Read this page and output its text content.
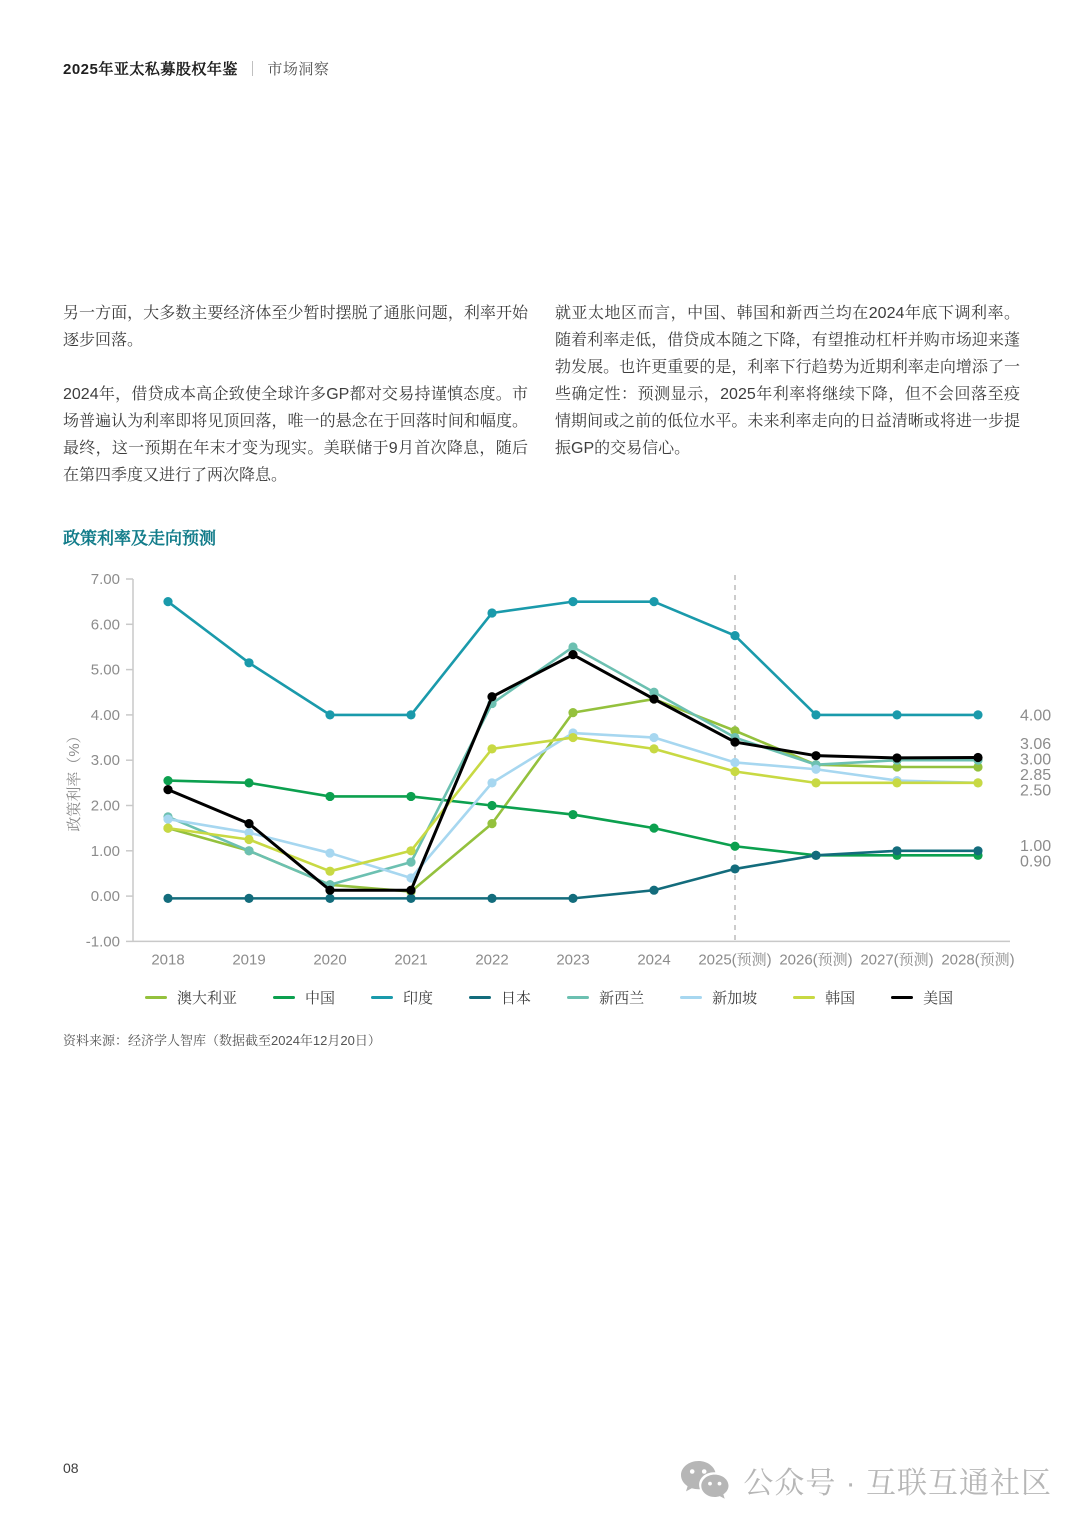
2025年亚太私募股权年鉴 ｜ 市场洞察

另一方面，大多数主要经济体至少暂时摆脱了通胀问题，利率开始逐步回落。

2024年，借贷成本高企致使全球许多GP都对交易持谨慎态度。市场普遍认为利率即将见顶回落，唯一的悬念在于回落时间和幅度。最终，这一预期在年末才变为现实。美联储于9月首次降息，随后在第四季度又进行了两次降息。

就亚太地区而言，中国、韩国和新西兰均在2024年底下调利率。随着利率走低，借贷成本随之下降，有望推动杠杆并购市场迎来蓬勃发展。也许更重要的是，利率下行趋势为近期利率走向增添了一些确定性：预测显示，2025年利率将继续下降，但不会回落至疫情期间或之前的低位水平。未来利率走向的日益清晰或将进一步提振GP的交易信心。

政策利率及走向预测
7.00
6.00
5.00
4.00
3.00
2.00
1.00
0.00
-1.00
政策利率（%）
2018	2019	2020	2021	2022	2023	2024 2025(预测) 2026(预测) 2027(预测) 2028(预测)
4.00
3.06
3.00
2.85
2.50
1.00
0.90
澳大利亚	中国	印度	日本	新西兰	新加坡	韩国	美国
资料来源：经济学人智库（数据截至2024年12月20日）
08	公众号 · 互联互通社区
